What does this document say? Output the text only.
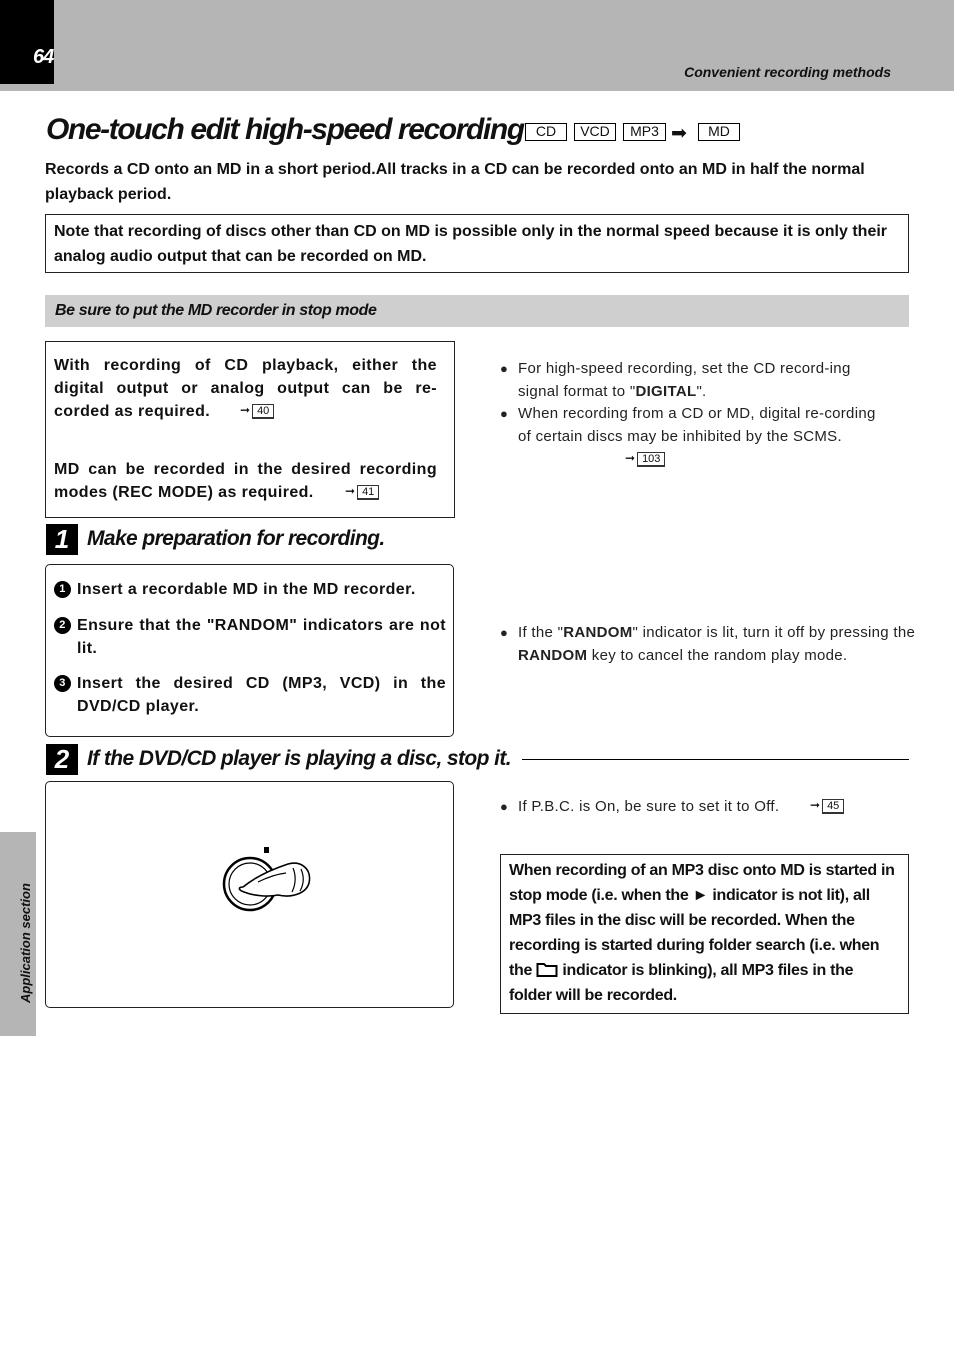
64
Convenient recording methods
Application section
One-touch edit high-speed recording CD	VCD	MP3 ➡	MD
Records a CD onto an MD in a short period.All tracks in a CD can be recorded onto an MD in half the normal playback period.
Note that recording of discs other than CD on MD is possible only in the normal speed because it is only their analog audio output that can be recorded on MD.
Be sure to put the MD recorder in stop mode
With recording of CD playback, either the digital output or analog output can be re-corded as required.	➞ 40
MD can be recorded in the desired recording modes (REC MODE) as required.	➞ 41
● For high-speed recording, set the CD record-ing signal format to "DIGITAL".
● When recording from a CD or MD, digital re-cording of certain discs may be inhibited by the SCMS.
➞ 103
1 Make preparation for recording.
1 Insert a recordable MD in the MD recorder.
2 Ensure that the "RANDOM" indicators are not lit.
3 Insert the desired CD (MP3, VCD) in the DVD/CD player.
● If the "RANDOM" indicator is lit, turn it off by pressing the RANDOM key to cancel the random play mode.
2 If the DVD/CD player is playing a disc, stop it.
● If P.B.C. is On, be sure to set it to Off.	➞ 45
When recording of an MP3 disc onto MD is started in stop mode (i.e. when the ► indicator is not lit), all MP3 files in the disc will be recorded. When the recording is started during folder search (i.e. when the  indicator is blinking), all MP3 files in the folder will be recorded.
